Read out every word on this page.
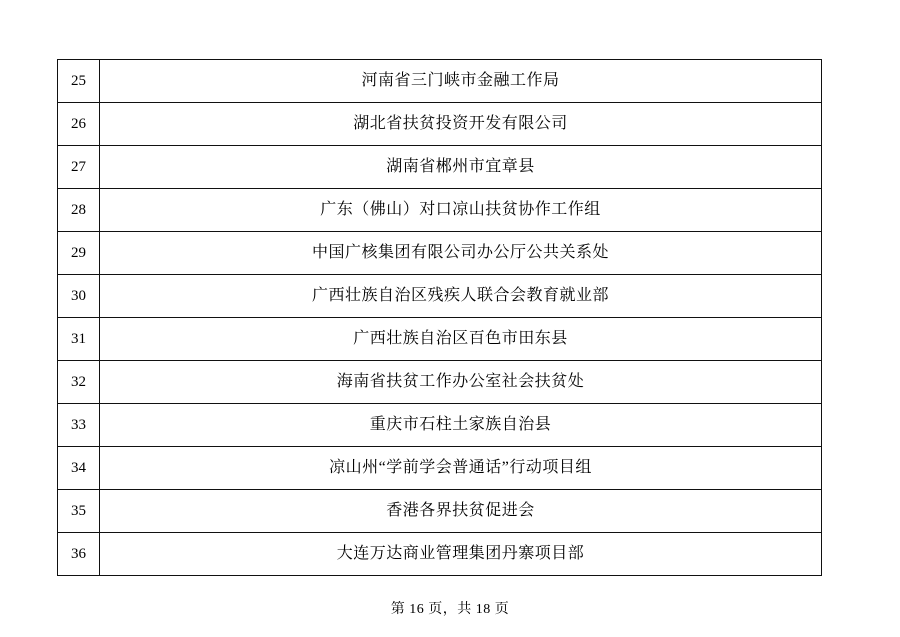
25	河南省三门峡市金融工作局

26	湖北省扶贫投资开发有限公司

27	湖南省郴州市宜章县

28	广东（佛山）对口凉山扶贫协作工作组

29	中国广核集团有限公司办公厅公共关系处

30	广西壮族自治区残疾人联合会教育就业部

31	广西壮族自治区百色市田东县

32	海南省扶贫工作办公室社会扶贫处

33	重庆市石柱土家族自治县

34	凉山州“学前学会普通话”行动项目组

35	香港各界扶贫促进会

36	大连万达商业管理集团丹寨项目部
第 16 页，共 18 页
